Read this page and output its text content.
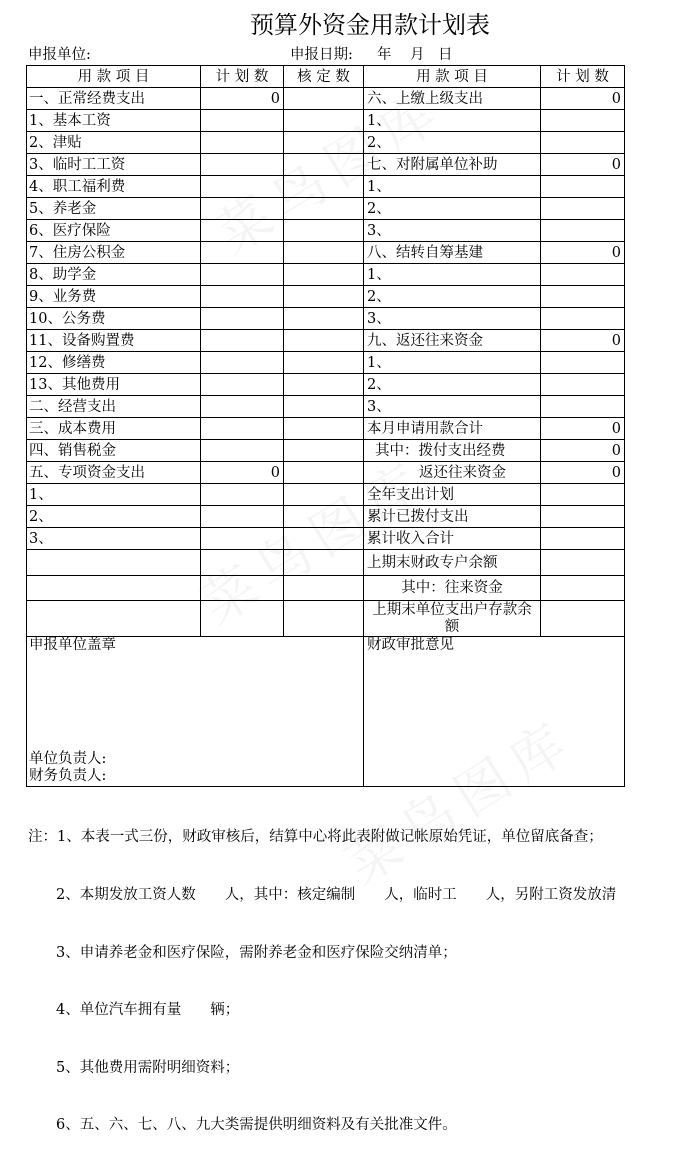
预算外资金用款计划表
申报单位:	申报日期: 年 月 日
用 款 项 目	计 划 数	核 定 数	用 款 项 目	计 划 数
一、正常经费支出	0		六、上缴上级支出	0
1、基本工资			1、	
2、津贴			2、	
3、临时工工资			七、对附属单位补助	0
4、职工福利费			1、	
5、养老金			2、	
6、医疗保险			3、	
7、住房公积金			八、结转自筹基建	0
8、助学金			1、	
9、业务费			2、	
10、公务费			3、	
11、设备购置费			九、返还往来资金	0
12、修缮费			1、	
13、其他费用			2、	
二、经营支出			3、	
三、成本费用			本月申请用款合计	0
四、销售税金			其中：拨付支出经费	0
五、专项资金支出	0		返还往来资金	0
1、			全年支出计划	
2、			累计已拨付支出	
3、			累计收入合计	
			上期末财政专户余额	
			其中：往来资金	
			上期末单位支出户存款余额	

申报单位盖章
单位负责人:
财务负责人:			财政审批意见	

注：1、本表一式三份，财政审核后，结算中心将此表附做记帐原始凭证，单位留底备查；

2、本期发放工资人数　　人，其中：核定编制　　人，临时工　　人，另附工资发放清

3、申请养老金和医疗保险，需附养老金和医疗保险交纳清单；

4、单位汽车拥有量　　辆；

5、其他费用需附明细资料；

6、五、六、七、八、九大类需提供明细资料及有关批准文件。
